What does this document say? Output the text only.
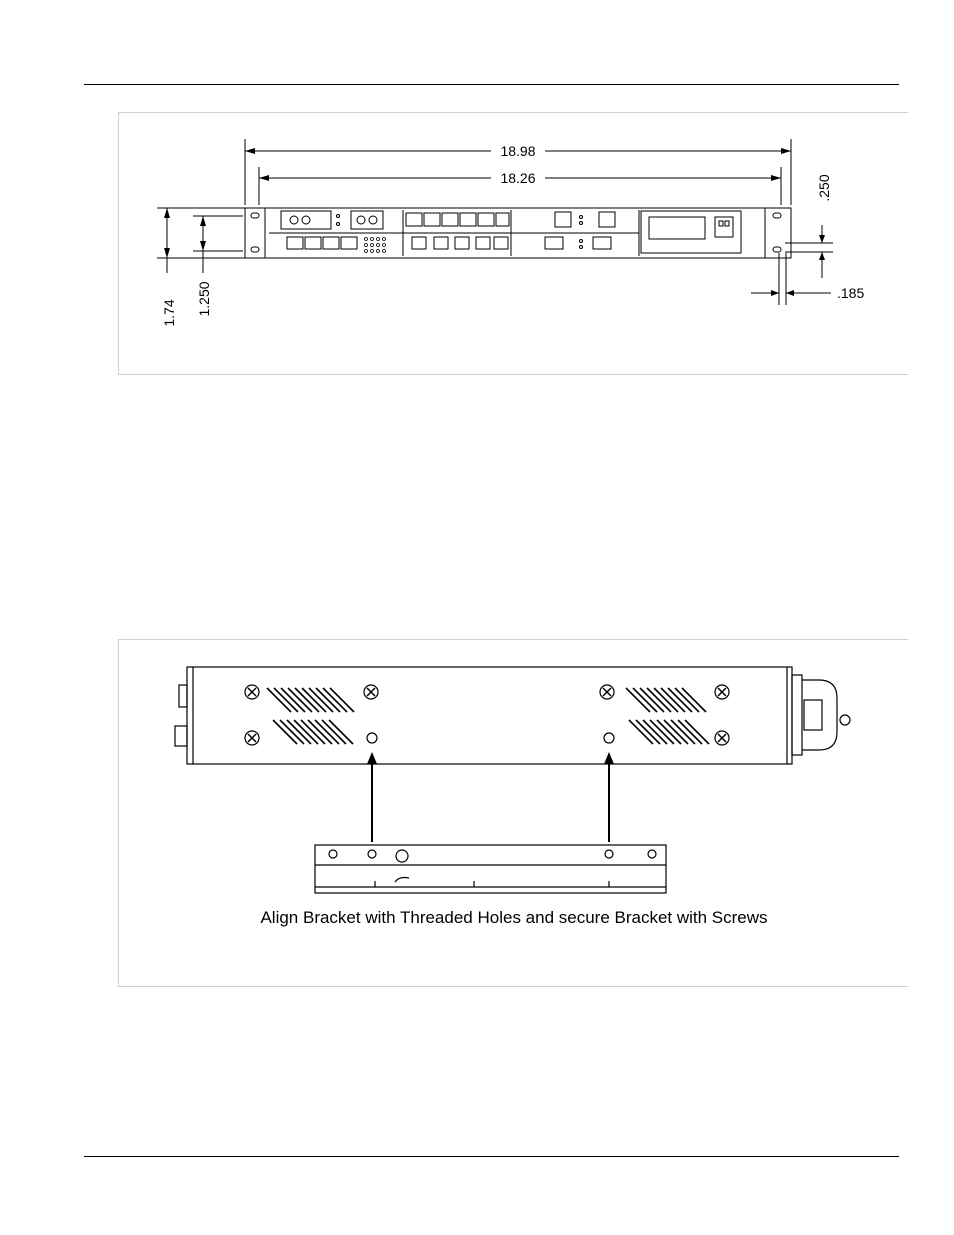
18.98
18.26
1.74 1.250
.250
.185
Align Bracket with Threaded Holes and secure Bracket with Screws
